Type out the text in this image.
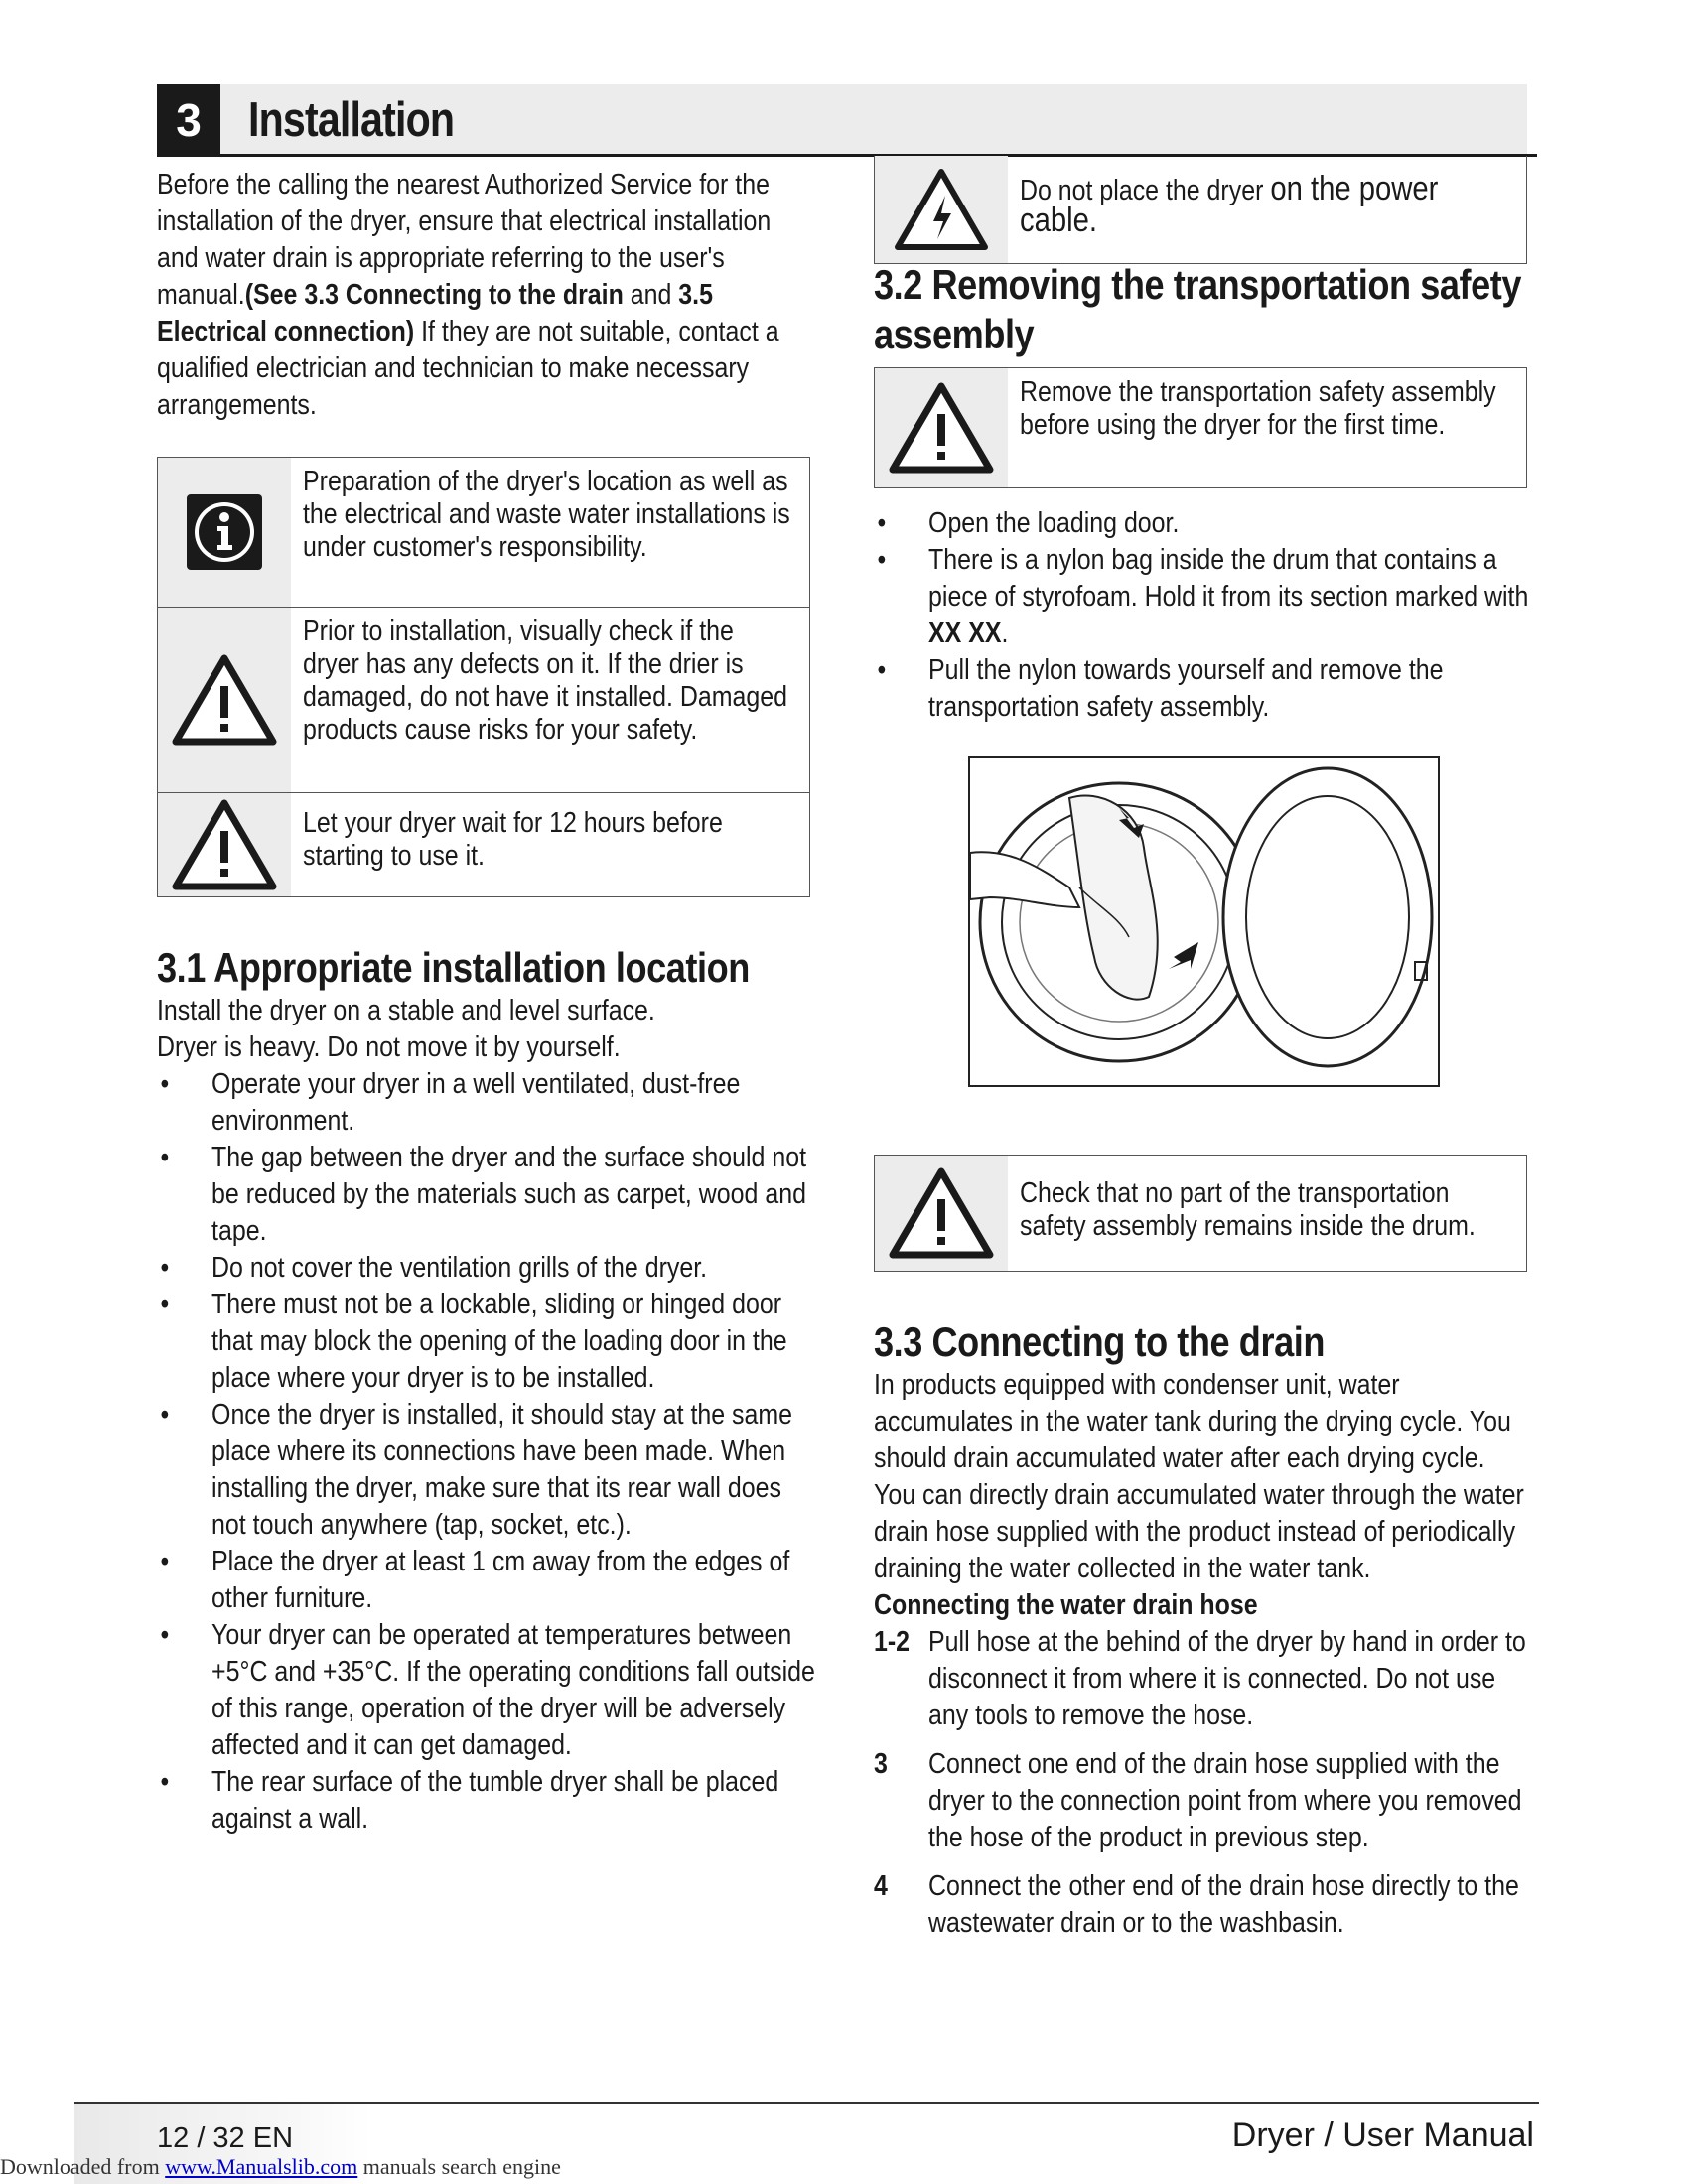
3 Installation

Before the calling the nearest Authorized Service for the installation of the dryer, ensure that electrical installation and water drain is appropriate referring to the user's manual.(See 3.3 Connecting to the drain and 3.5 Electrical connection) If they are not suitable, contact a qualified electrician and technician to make necessary arrangements.

Preparation of the dryer's location as well as the electrical and waste water installations is under customer's responsibility.
Prior to installation, visually check if the dryer has any defects on it. If the drier is damaged, do not have it installed. Damaged products cause risks for your safety.
Let your dryer wait for 12 hours before starting to use it.
3.1 Appropriate installation location

Install the dryer on a stable and level surface.

Dryer is heavy. Do not move it by yourself.

• Operate your dryer in a well ventilated, dust-free environment.
• The gap between the dryer and the surface should not be reduced by the materials such as carpet, wood and tape.
• Do not cover the ventilation grills of the dryer.
• There must not be a lockable, sliding or hinged door that may block the opening of the loading door in the place where your dryer is to be installed.
• Once the dryer is installed, it should stay at the same place where its connections have been made. When installing the dryer, make sure that its rear wall does not touch anywhere (tap, socket, etc.).
• Place the dryer at least 1 cm away from the edges of other furniture.
• Your dryer can be operated at temperatures between +5°C and +35°C. If the operating conditions fall outside of this range, operation of the dryer will be adversely affected and it can get damaged.
• The rear surface of the tumble dryer shall be placed against a wall.
Do not place the dryer on the power cable.
3.2 Removing the transportation safety assembly
Remove the transportation safety assembly before using the dryer for the first time.
• Open the loading door.
• There is a nylon bag inside the drum that contains a piece of styrofoam. Hold it from its section marked with XX XX.
• Pull the nylon towards yourself and remove the transportation safety assembly.
Check that no part of the transportation safety assembly remains inside the drum.
3.3 Connecting to the drain

In products equipped with condenser unit, water accumulates in the water tank during the drying cycle. You should drain accumulated water after each drying cycle.

You can directly drain accumulated water through the water drain hose supplied with the product instead of periodically draining the water collected in the water tank.

Connecting the water drain hose

1-2 Pull hose at the behind of the dryer by hand in order to disconnect it from where it is connected. Do not use any tools to remove the hose.
3 Connect one end of the drain hose supplied with the dryer to the connection point from where you removed the hose of the product in previous step.
4 Connect the other end of the drain hose directly to the wastewater drain or to the washbasin.
12 / 32 EN	Dryer / User Manual
Downloaded from www.Manualslib.com manuals search engine
